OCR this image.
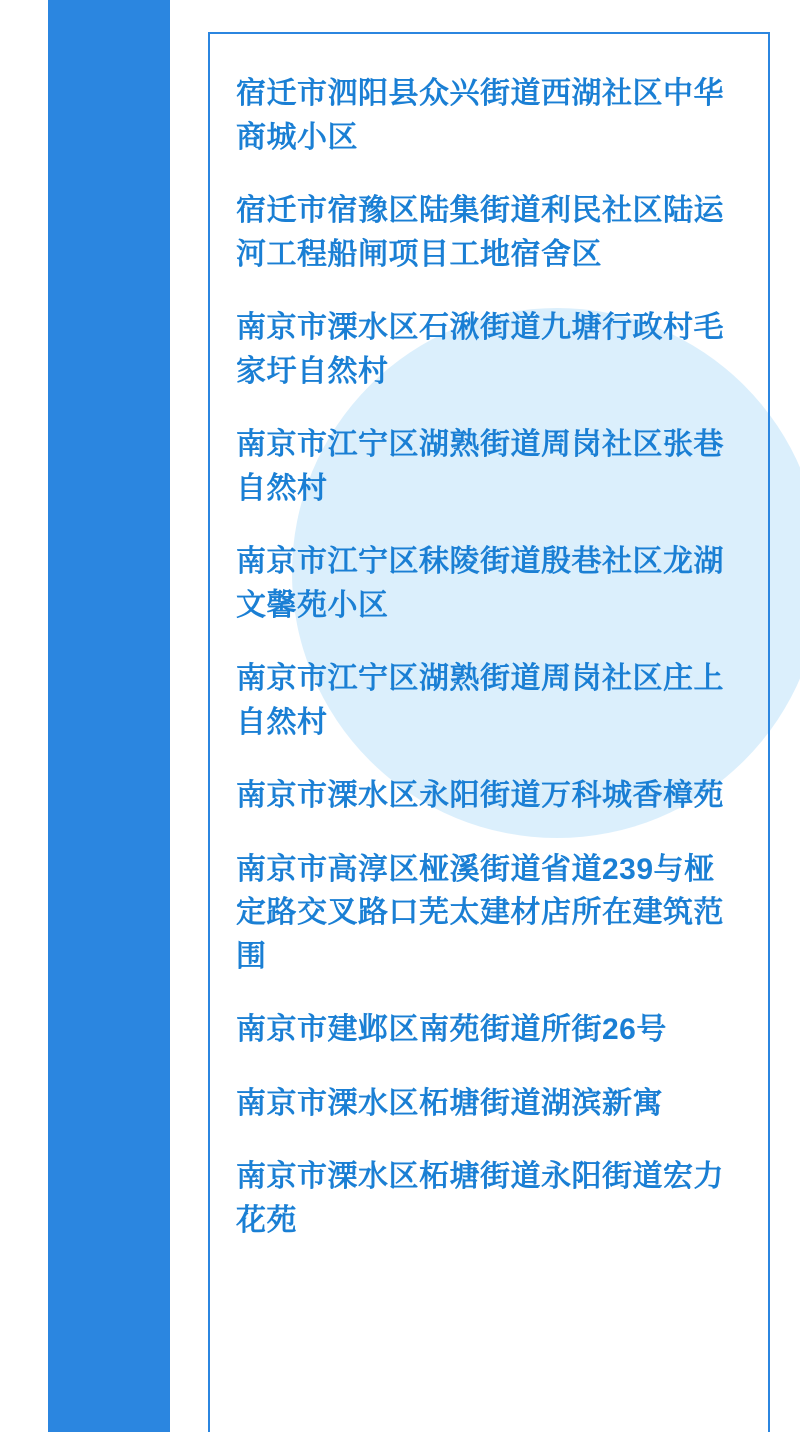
宿迁市泗阳县众兴街道西湖社区中华商城小区
宿迁市宿豫区陆集街道利民社区陆运河工程船闸项目工地宿舍区
南京市溧水区石湫街道九塘行政村毛家圩自然村
南京市江宁区湖熟街道周岗社区张巷自然村
南京市江宁区秣陵街道殷巷社区龙湖文馨苑小区
南京市江宁区湖熟街道周岗社区庄上自然村
南京市溧水区永阳街道万科城香樟苑
南京市高淳区桠溪街道省道239与桠定路交叉路口芜太建材店所在建筑范围
南京市建邺区南苑街道所街26号
南京市溧水区柘塘街道湖滨新寓
南京市溧水区柘塘街道永阳街道宏力花苑
